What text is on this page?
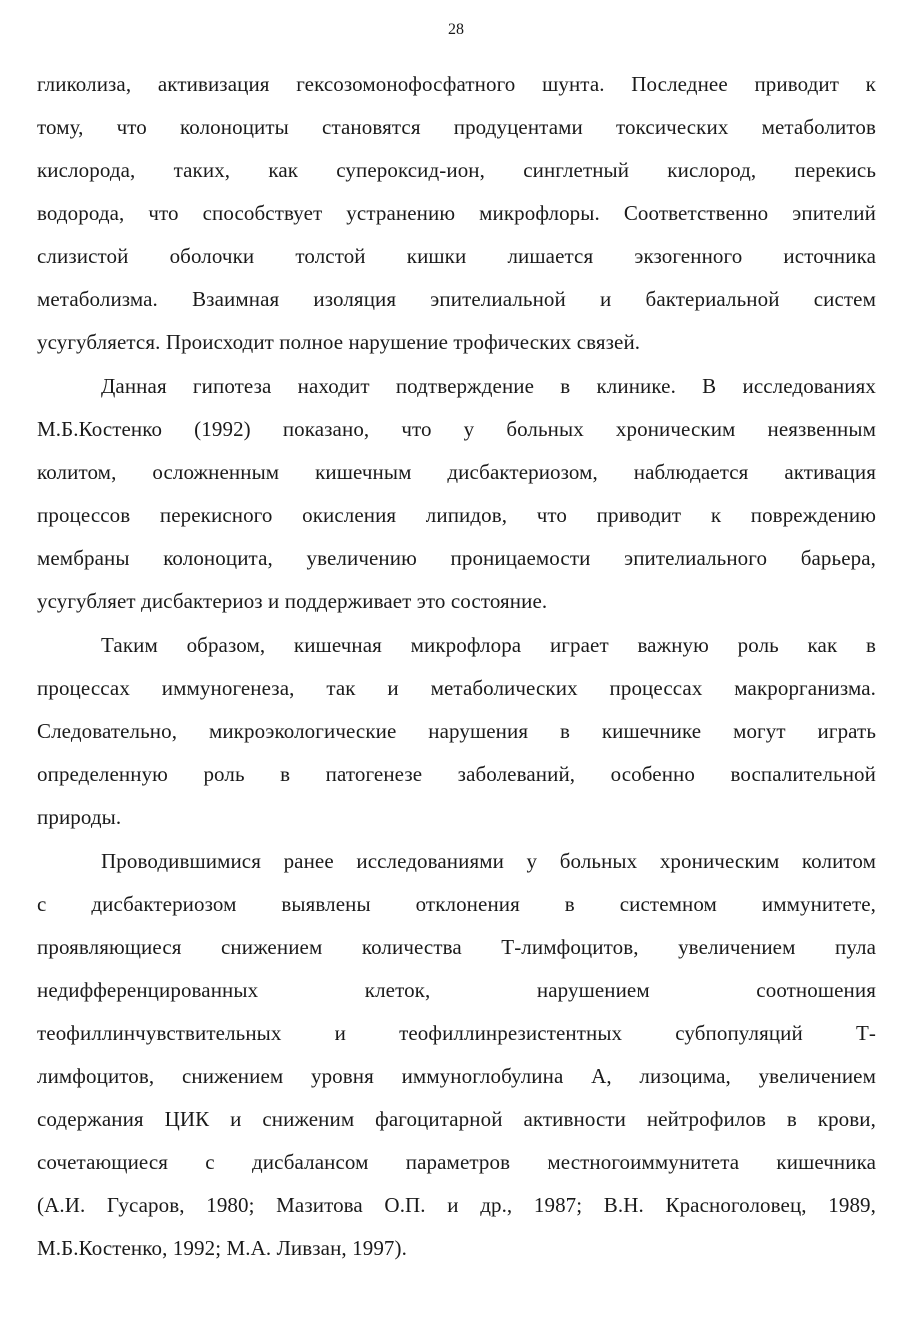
28
гликолиза, активизация гексозомонофосфатного шунта. Последнее приводит к
тому, что колоноциты становятся продуцентами токсических метаболитов
кислорода, таких, как супероксид-ион, синглетный кислород, перекись
водорода, что способствует устранению микрофлоры. Соответственно эпителий
слизистой оболочки толстой кишки лишается экзогенного источника
метаболизма. Взаимная изоляция эпителиальной и бактериальной систем
усугубляется. Происходит полное нарушение трофических связей.
Данная гипотеза находит подтверждение в клинике. В исследованиях
М.Б.Костенко (1992) показано, что у больных хроническим неязвенным
колитом, осложненным кишечным дисбактериозом, наблюдается активация
процессов перекисного окисления липидов, что приводит к повреждению
мембраны колоноцита, увеличению проницаемости эпителиального барьера,
усугубляет дисбактериоз и поддерживает это состояние.
Таким образом, кишечная микрофлора играет важную роль как в
процессах иммуногенеза, так и метаболических процессах макрорганизма.
Следовательно, микроэкологические нарушения в кишечнике могут играть
определенную роль в патогенезе заболеваний, особенно воспалительной
природы.
Проводившимися ранее исследованиями у больных хроническим колитом
с дисбактериозом выявлены отклонения в системном иммунитете,
проявляющиеся снижением количества Т-лимфоцитов, увеличением пула
недифференцированных клеток, нарушением соотношения
теофиллинчувствительных и теофиллинрезистентных субпопуляций Т-
лимфоцитов, снижением уровня иммуноглобулина А, лизоцима, увеличением
содержания ЦИК и сниженим фагоцитарной активности нейтрофилов в крови,
сочетающиеся с дисбалансом параметров местногоиммунитета кишечника
(А.И. Гусаров, 1980; Мазитова О.П. и др., 1987; В.Н. Красноголовец, 1989,
М.Б.Костенко, 1992; М.А. Ливзан, 1997).
